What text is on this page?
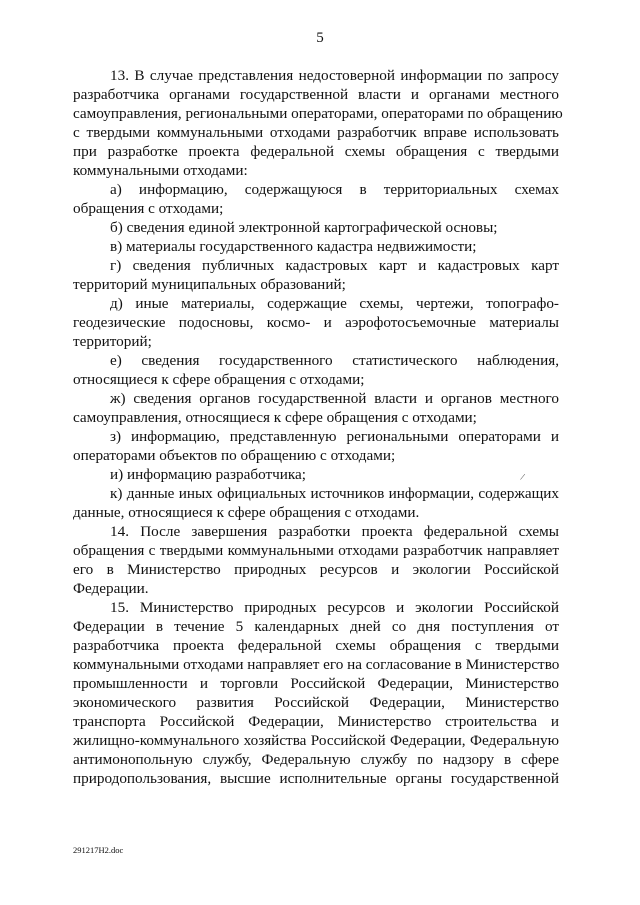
5
13. В случае представления недостоверной информации по запросу
разработчика органами государственной власти и органами местного
самоуправления, региональными операторами, операторами по обращению
с твердыми коммунальными отходами разработчик вправе использовать
при разработке проекта федеральной схемы обращения с твердыми
коммунальными отходами:
а) информацию, содержащуюся в территориальных схемах
обращения с отходами;
б) сведения единой электронной картографической основы;
в) материалы государственного кадастра недвижимости;
г) сведения публичных кадастровых карт и кадастровых карт
территорий муниципальных образований;
д) иные материалы, содержащие схемы, чертежи, топографо-
геодезические подосновы, космо- и аэрофотосъемочные материалы
территорий;
е) сведения государственного статистического наблюдения,
относящиеся к сфере обращения с отходами;
ж) сведения органов государственной власти и органов местного
самоуправления, относящиеся к сфере обращения с отходами;
з) информацию, представленную региональными операторами и
операторами объектов по обращению с отходами;
и) информацию разработчика;
к) данные иных официальных источников информации, содержащих
данные, относящиеся к сфере обращения с отходами.
14. После завершения разработки проекта федеральной схемы
обращения с твердыми коммунальными отходами разработчик направляет
его в Министерство природных ресурсов и экологии Российской
Федерации.
15. Министерство природных ресурсов и экологии Российской
Федерации в течение 5 календарных дней со дня поступления от
разработчика проекта федеральной схемы обращения с твердыми
коммунальными отходами направляет его на согласование в Министерство
промышленности и торговли Российской Федерации, Министерство
экономического развития Российской Федерации, Министерство
транспорта Российской Федерации, Министерство строительства и
жилищно-коммунального хозяйства Российской Федерации, Федеральную
антимонопольную службу, Федеральную службу по надзору в сфере
природопользования, высшие исполнительные органы государственной
/
291217Н2.doc
